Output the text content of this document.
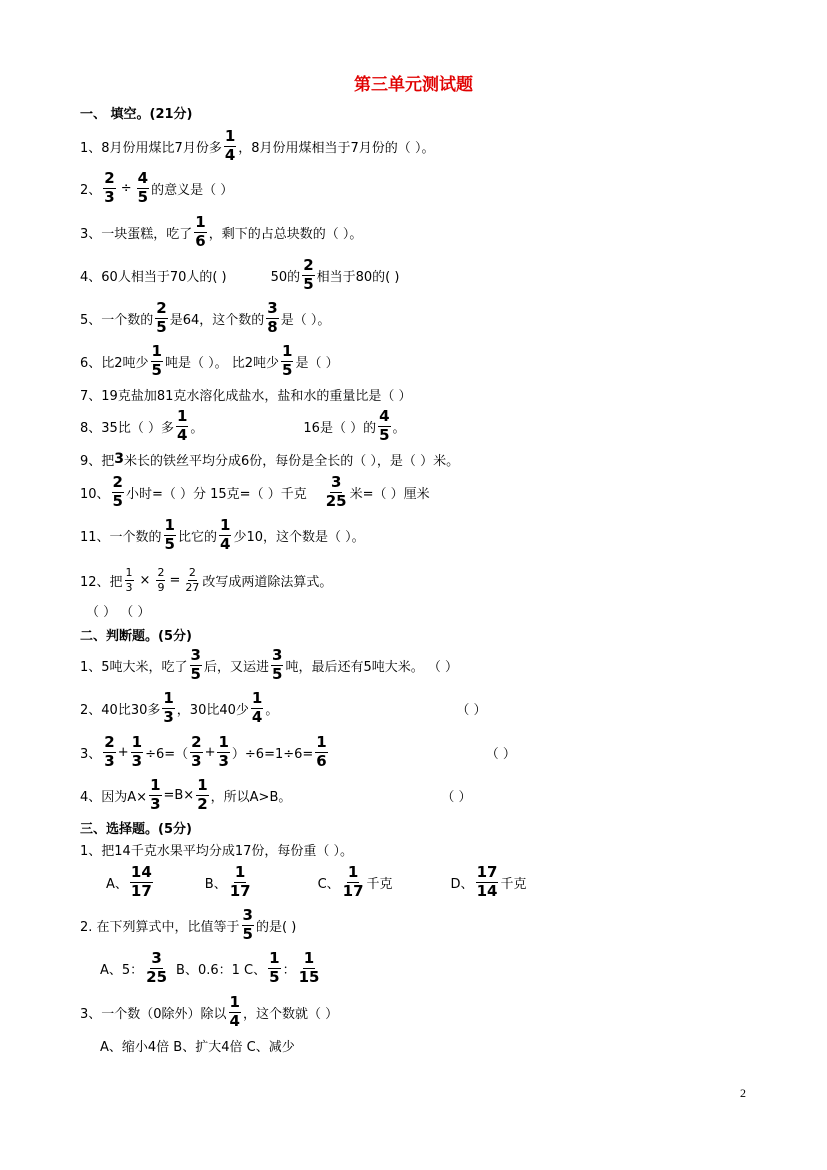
第三单元测试题
一、 填空。(21分)
1、8月份用煤比7月份多 $\frac{1}{4}$ ，8月份用煤相当于7月份的（ ）。
2、 $\frac{2}{3} \div \frac{4}{5}$ 的意义是（ ）
3、一块蛋糕，吃了 $\frac{1}{6}$ ，剩下的占总块数的（ ）。
4、60人相当于70人的( )	50的 $\frac{2}{5}$ 相当于80的( )
5、一个数的 $\frac{2}{5}$ 是64，这个数的 $\frac{3}{8}$ 是（ ）。
6、比2吨少 $\frac{1}{5}$ 吨是（ ）。 比2吨少 $\frac{1}{5}$ 是（ ）
7、19克盐加81克水溶化成盐水，盐和水的重量比是（ ）
8、35比（ ）多 $\frac{1}{4}$ 。	16是（ ）的 $\frac{4}{5}$ 。
9、把 3 米长的铁丝平均分成6份，每份是全长的（ ），是（ ）米。
10、 $\frac{2}{5}$ 小时=（ ）分 15克=（ ）千克 $\frac{3}{25}$ 米=（ ）厘米
11、一个数的 $\frac{1}{5}$ 比它的 $\frac{1}{4}$ 少10，这个数是（ ）。
12、把 $\frac{1}{3} \times \frac{2}{9} = \frac{2}{27}$ 改写成两道除法算式。
（ ） （ ）
二、判断题。(5分)
1、5吨大米，吃了 $\frac{3}{5}$ 后，又运进 $\frac{3}{5}$ 吨，最后还有5吨大米。 （ ）
2、40比30多 $\frac{1}{3}$ ，30比40少 $\frac{1}{4}$ 。	（ ）
3、 $\frac{2}{3} + \frac{1}{3} \div 6=( \frac{2}{3} + \frac{1}{3} )\div 6=1\div 6= \frac{1}{6}$	（ ）
4、因为$A\times \frac{1}{3} =B\times \frac{1}{2}$ ，所以A>B。	（ ）
三、选择题。(5分)
1、把14千克水果平均分成17份，每份重（ ）。
A、 $\frac{14}{17}$	B、 $\frac{1}{17}$	C、 $\frac{1}{17}$ 千克	D、 $\frac{17}{14}$ 千克
2. 在下列算式中，比值等于 $\frac{3}{5}$ 的是( )
A、5： $\frac{3}{25}$ B、0.6：1 C、 $\frac{1}{5}$ ： $\frac{1}{15}$
3、一个数（0除外）除以 $\frac{1}{4}$ ，这个数就（ ）
A、缩小4倍 B、扩大4倍 C、减少
2
